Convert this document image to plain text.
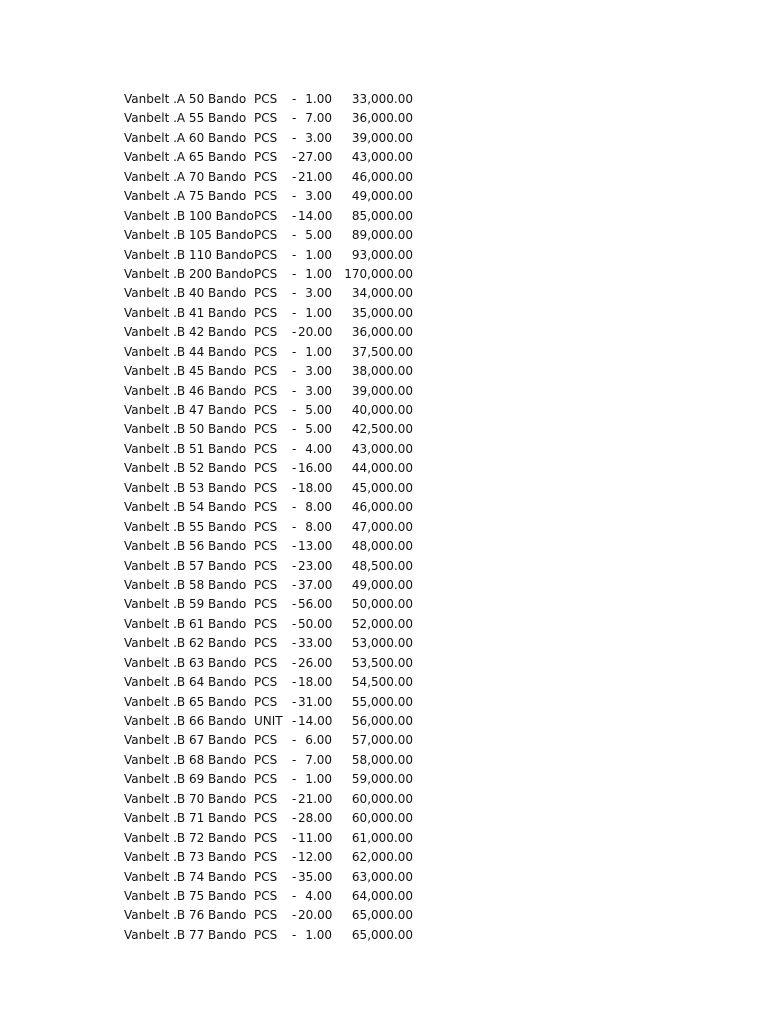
Vanbelt .A 50 Bando PCS - 1.00	33,000.00
Vanbelt .A 55 Bando PCS - 7.00	36,000.00
Vanbelt .A 60 Bando PCS - 3.00	39,000.00
Vanbelt .A 65 Bando PCS - 27.00	43,000.00
Vanbelt .A 70 Bando PCS - 21.00	46,000.00
Vanbelt .A 75 Bando PCS - 3.00	49,000.00
Vanbelt .B 100 Bando PCS - 14.00	85,000.00
Vanbelt .B 105 Bando PCS - 5.00	89,000.00
Vanbelt .B 110 Bando PCS - 1.00	93,000.00
Vanbelt .B 200 Bando PCS - 1.00	170,000.00
Vanbelt .B 40 Bando PCS - 3.00	34,000.00
Vanbelt .B 41 Bando PCS - 1.00	35,000.00
Vanbelt .B 42 Bando PCS - 20.00	36,000.00
Vanbelt .B 44 Bando PCS - 1.00	37,500.00
Vanbelt .B 45 Bando PCS - 3.00	38,000.00
Vanbelt .B 46 Bando PCS - 3.00	39,000.00
Vanbelt .B 47 Bando PCS - 5.00	40,000.00
Vanbelt .B 50 Bando PCS - 5.00	42,500.00
Vanbelt .B 51 Bando PCS - 4.00	43,000.00
Vanbelt .B 52 Bando PCS - 16.00	44,000.00
Vanbelt .B 53 Bando PCS - 18.00	45,000.00
Vanbelt .B 54 Bando PCS - 8.00	46,000.00
Vanbelt .B 55 Bando PCS - 8.00	47,000.00
Vanbelt .B 56 Bando PCS - 13.00	48,000.00
Vanbelt .B 57 Bando PCS - 23.00	48,500.00
Vanbelt .B 58 Bando PCS - 37.00	49,000.00
Vanbelt .B 59 Bando PCS - 56.00	50,000.00
Vanbelt .B 61 Bando PCS - 50.00	52,000.00
Vanbelt .B 62 Bando PCS - 33.00	53,000.00
Vanbelt .B 63 Bando PCS - 26.00	53,500.00
Vanbelt .B 64 Bando PCS - 18.00	54,500.00
Vanbelt .B 65 Bando PCS - 31.00	55,000.00
Vanbelt .B 66 Bando UNIT - 14.00	56,000.00
Vanbelt .B 67 Bando PCS - 6.00	57,000.00
Vanbelt .B 68 Bando PCS - 7.00	58,000.00
Vanbelt .B 69 Bando PCS - 1.00	59,000.00
Vanbelt .B 70 Bando PCS - 21.00	60,000.00
Vanbelt .B 71 Bando PCS - 28.00	60,000.00
Vanbelt .B 72 Bando PCS - 11.00	61,000.00
Vanbelt .B 73 Bando PCS - 12.00	62,000.00
Vanbelt .B 74 Bando PCS - 35.00	63,000.00
Vanbelt .B 75 Bando PCS - 4.00	64,000.00
Vanbelt .B 76 Bando PCS - 20.00	65,000.00
Vanbelt .B 77 Bando PCS - 1.00	65,000.00
